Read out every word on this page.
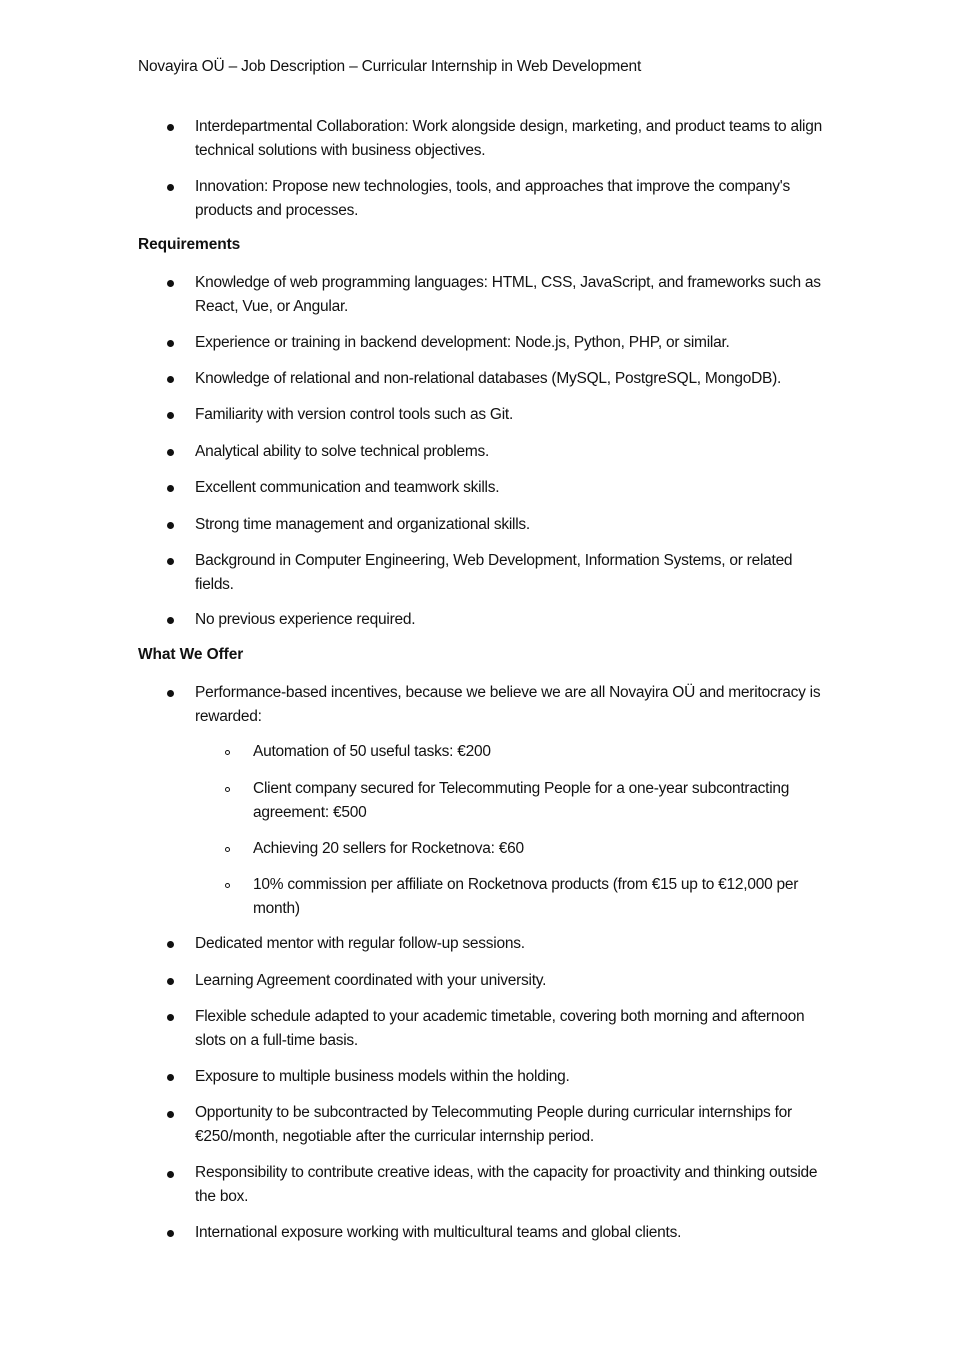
Novayira OÜ – Job Description – Curricular Internship in Web Development
Interdepartmental Collaboration: Work alongside design, marketing, and product teams to align technical solutions with business objectives.
Innovation: Propose new technologies, tools, and approaches that improve the company's products and processes.
Requirements
Knowledge of web programming languages: HTML, CSS, JavaScript, and frameworks such as React, Vue, or Angular.
Experience or training in backend development: Node.js, Python, PHP, or similar.
Knowledge of relational and non-relational databases (MySQL, PostgreSQL, MongoDB).
Familiarity with version control tools such as Git.
Analytical ability to solve technical problems.
Excellent communication and teamwork skills.
Strong time management and organizational skills.
Background in Computer Engineering, Web Development, Information Systems, or related fields.
No previous experience required.
What We Offer
Performance-based incentives, because we believe we are all Novayira OÜ and meritocracy is rewarded:
Automation of 50 useful tasks: €200
Client company secured for Telecommuting People for a one-year subcontracting agreement: €500
Achieving 20 sellers for Rocketnova: €60
10% commission per affiliate on Rocketnova products (from €15 up to €12,000 per month)
Dedicated mentor with regular follow-up sessions.
Learning Agreement coordinated with your university.
Flexible schedule adapted to your academic timetable, covering both morning and afternoon slots on a full-time basis.
Exposure to multiple business models within the holding.
Opportunity to be subcontracted by Telecommuting People during curricular internships for €250/month, negotiable after the curricular internship period.
Responsibility to contribute creative ideas, with the capacity for proactivity and thinking outside the box.
International exposure working with multicultural teams and global clients.
